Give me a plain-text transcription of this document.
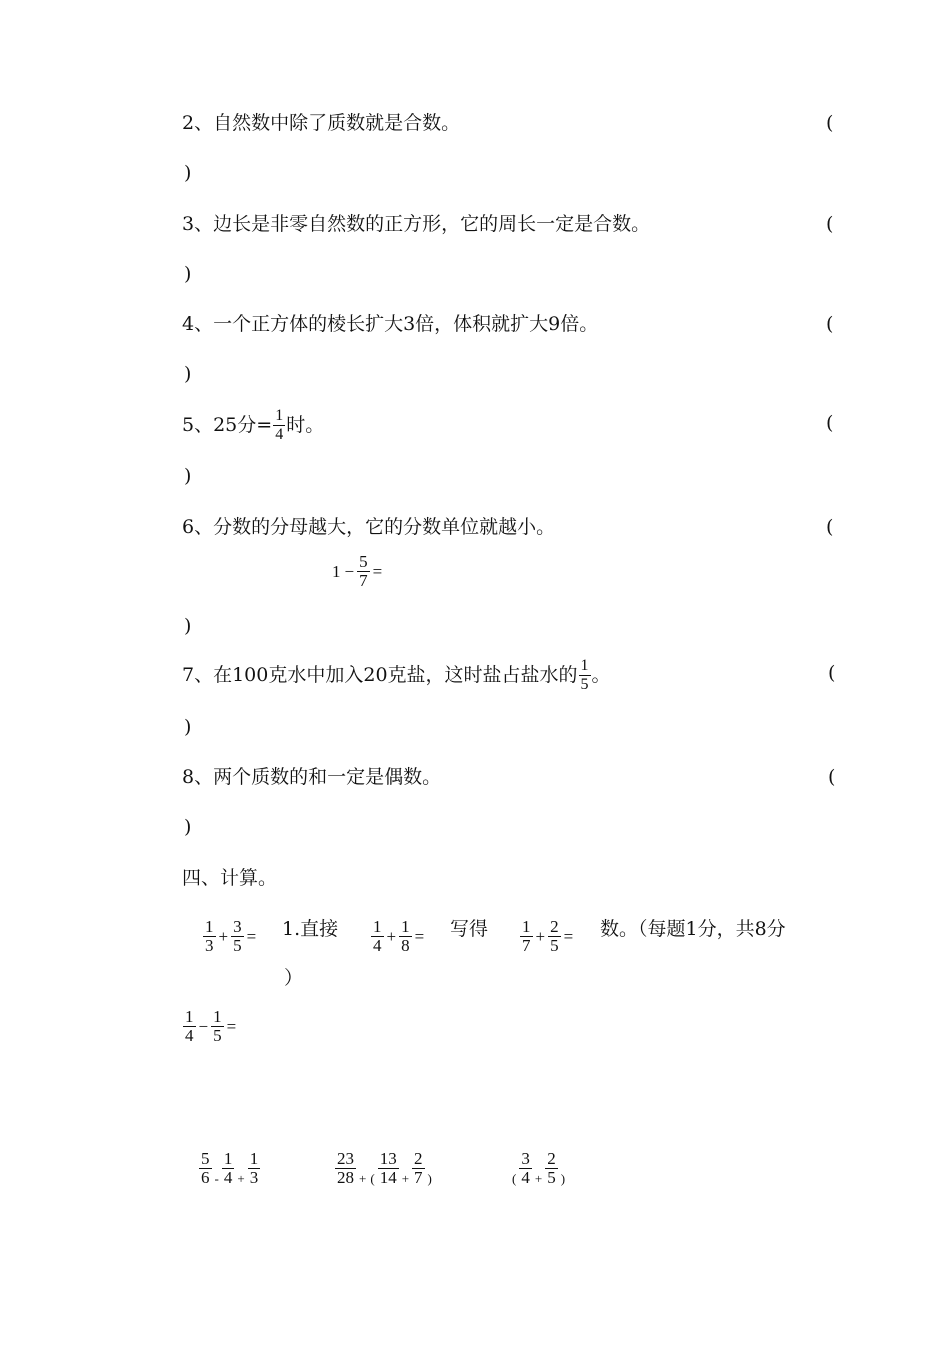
2、自然数中除了质数就是合数。	(
)
3、边长是非零自然数的正方形，它的周长一定是合数。	(
)
4、一个正方体的棱长扩大3倍，体积就扩大9倍。	(
)
5、25分= $\frac{1}{4}$ 时。	(
)
6、分数的分母越大，它的分数单位就越小。	(
$1 - \frac{5}{7}$ =
)
7、在100克水中加入20克盐，这时盐占盐水的 $\frac{1}{5}$ 。	(
)
8、两个质数的和一定是偶数。	(
)
四、计算。
$\frac{1}{3} + \frac{3}{5} = 1$.直接 $\frac{1}{4} + \frac{1}{8}$ = 写得 $\frac{1}{7} + \frac{2}{5}$ = 数。（每题1分，共8分
）
$\frac{1}{4} - \frac{1}{5}$ =
$\frac{5}{6} - \frac{1}{4} + \frac{1}{3}$	$\frac{23}{28}$ + ( $\frac{13}{14} + \frac{2}{7}$ )	( $\frac{3}{4} + \frac{2}{5}$ )
